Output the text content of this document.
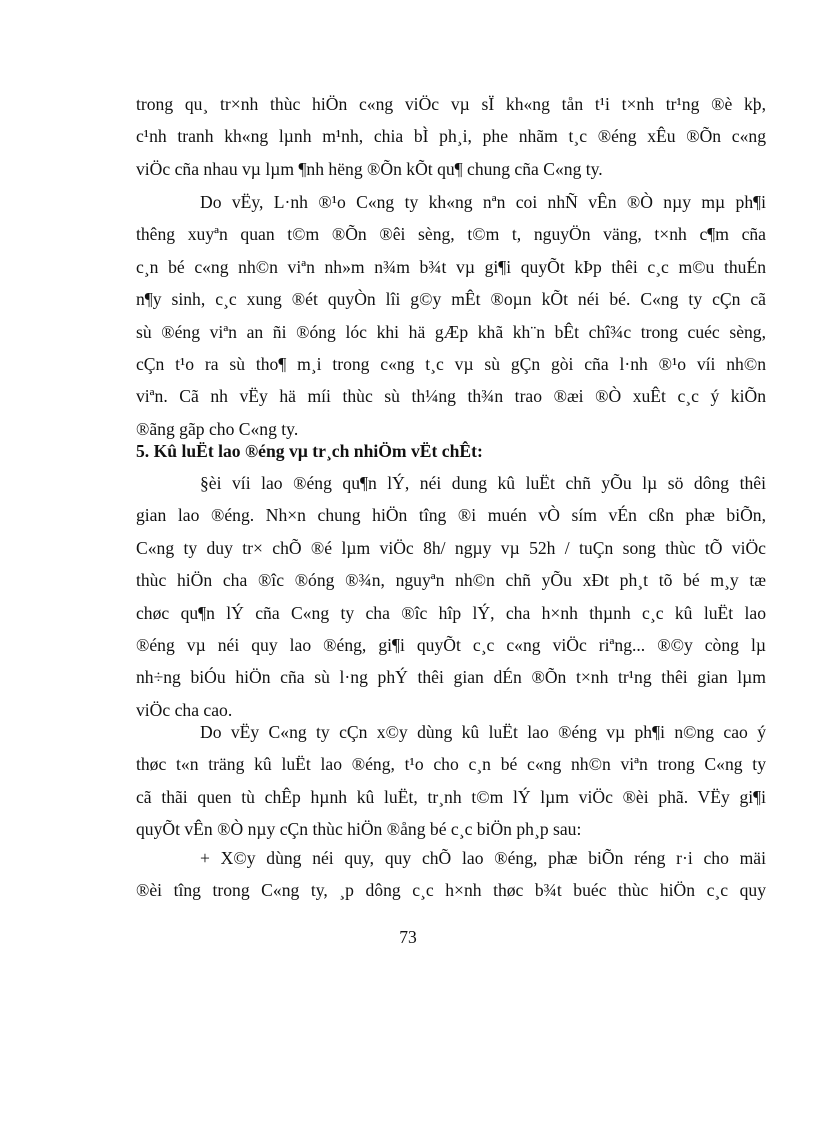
trong qu¸ tr×nh thùc hiÖn c«ng viÖc vµ sÏ kh«ng tån t¹i t×nh tr¹ng ®è kþ,
c¹nh tranh kh«ng lµnh m¹nh, chia bÌ ph¸i, phe nhãm t¸c ®éng xÊu ®Õn c«ng
viÖc cña nhau vµ lµm ¶nh hëng ®Õn kÕt qu¶ chung cña C«ng ty.
Do vËy, L·nh ®¹o C«ng ty kh«ng nªn coi nhÑ vÊn ®Ò nµy mµ ph¶i
thêng xuyªn quan t©m ®Õn ®êi sèng, t©m t, nguyÖn väng, t×nh c¶m cña
c¸n bé c«ng nh©n viªn nh»m n¾m b¾t vµ gi¶i quyÕt kÞp thêi c¸c m©u thuÉn
n¶y sinh, c¸c xung ®ét quyÒn lîi g©y mÊt ®oµn kÕt néi bé. C«ng ty cÇn cã
sù ®éng viªn an ñi ®óng lóc khi hä gÆp khã kh¨n bÊt chî¾c trong cuéc sèng,
cÇn t¹o ra sù tho¶ m¸i trong c«ng t¸c vµ sù gÇn gòi cña l·nh ®¹o víi nh©n
viªn. Cã nh vËy hä míi thùc sù th¼ng th¾n trao ®æi ®Ò xuÊt c¸c ý kiÕn
®ãng gãp cho C«ng ty.
5. Kû luËt lao ®éng vµ tr¸ch nhiÖm vËt chÊt:
§èi víi lao ®éng qu¶n lÝ, néi dung kû luËt chñ yÕu lµ sö dông thêi
gian lao ®éng. Nh×n chung hiÖn tîng ®i muén vÒ sím vÉn cßn phæ biÕn,
C«ng ty duy tr× chÕ ®é lµm viÖc 8h/ ngµy vµ 52h / tuÇn song thùc tÕ viÖc
thùc hiÖn cha ®îc ®óng ®¾n, nguyªn nh©n chñ yÕu xÐt ph¸t tõ bé m¸y tæ
chøc qu¶n lÝ cña C«ng ty cha ®îc hîp lÝ, cha h×nh thµnh c¸c kû luËt lao
®éng vµ néi quy lao ®éng, gi¶i quyÕt c¸c c«ng viÖc riªng... ®©y còng lµ
nh÷ng biÓu hiÖn cña sù l·ng phÝ thêi gian dÉn ®Õn t×nh tr¹ng thêi gian lµm
viÖc cha cao.
Do vËy C«ng ty cÇn x©y dùng kû luËt lao ®éng vµ ph¶i n©ng cao ý
thøc t«n träng kû luËt lao ®éng, t¹o cho c¸n bé c«ng nh©n viªn trong C«ng ty
cã thãi quen tù chÊp hµnh kû luËt, tr¸nh t©m lÝ lµm viÖc ®èi phã. VËy gi¶i
quyÕt vÊn ®Ò nµy cÇn thùc hiÖn ®ång bé c¸c biÖn ph¸p sau:
+ X©y dùng néi quy, quy chÕ lao ®éng, phæ biÕn réng r·i cho mäi
®èi tîng trong C«ng ty, ¸p dông c¸c h×nh thøc b¾t buéc thùc hiÖn c¸c quy
73
